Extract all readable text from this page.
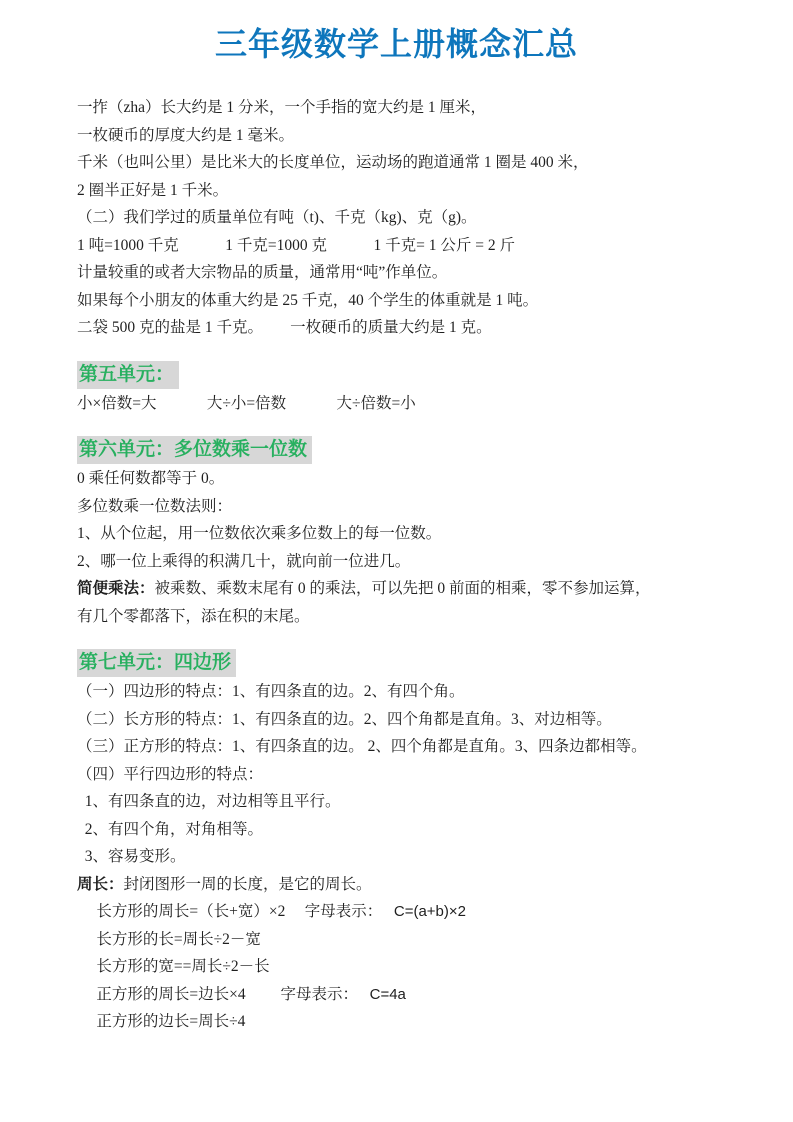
三年级数学上册概念汇总
一拃（zha）长大约是 1 分米，一个手指的宽大约是 1 厘米，
一枚硬币的厚度大约是 1 毫米。
千米（也叫公里）是比米大的长度单位，运动场的跑道通常 1 圈是 400 米，
2 圈半正好是 1 千米。
（二）我们学过的质量单位有吨（t)、千克（kg)、克（g)。
1 吨=1000 千克　　　1 千克=1000 克　　　1 千克= 1 公斤 = 2 斤
计量较重的或者大宗物品的质量，通常用“吨”作单位。
如果每个小朋友的体重大约是 25 千克，40 个学生的体重就是 1 吨。
二袋 500 克的盐是 1 千克。　　 一枚硬币的质量大约是 1 克。
第五单元：
小×倍数=大　　　 大÷小=倍数　　　 大÷倍数=小
第六单元：多位数乘一位数
0 乘任何数都等于 0。
多位数乘一位数法则：
1、从个位起，用一位数依次乘多位数上的每一位数。
2、哪一位上乘得的积满几十，就向前一位进几。
简便乘法：被乘数、乘数末尾有 0 的乘法，可以先把 0 前面的相乘，零不参加运算，
有几个零都落下，添在积的末尾。
第七单元：四边形
（一）四边形的特点：1、有四条直的边。2、有四个角。
（二）长方形的特点：1、有四条直的边。2、四个角都是直角。3、对边相等。
（三）正方形的特点：1、有四条直的边。 2、四个角都是直角。3、四条边都相等。
（四）平行四边形的特点：
1、有四条直的边，对边相等且平行。
2、有四个角，对角相等。
3、容易变形。
周长：封闭图形一周的长度，是它的周长。
　 长方形的周长=（长+宽）×2　 字母表示：　 C=(a+b)×2
　 长方形的长=周长÷2－宽
　 长方形的宽==周长÷2－长
　 正方形的周长=边长×4　　 字母表示：　 C=4a
　 正方形的边长=周长÷4
